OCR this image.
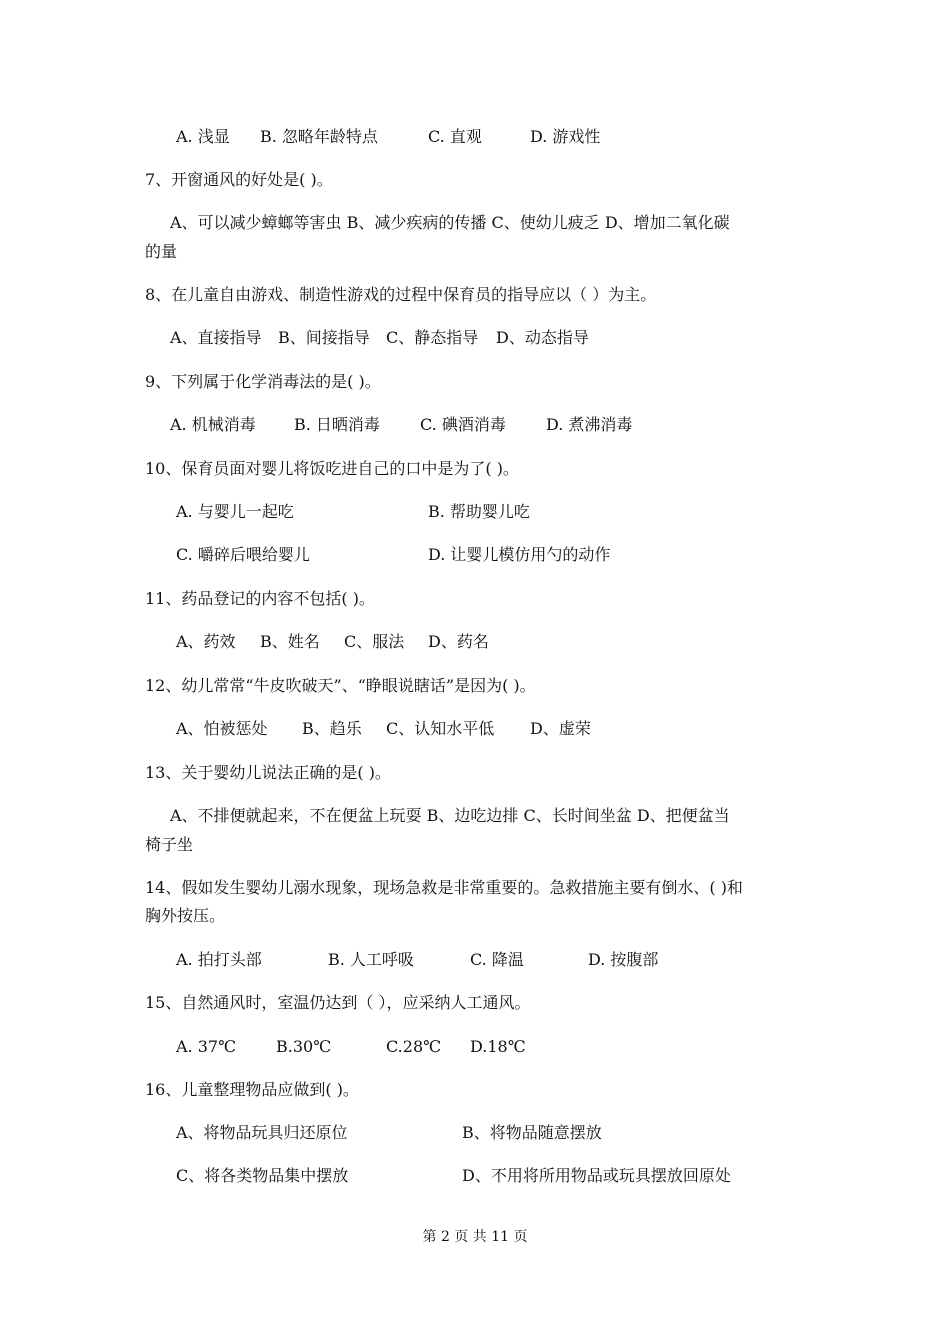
A. 浅显 B. 忽略年龄特点	C. 直观	D. 游戏性
7、开窗通风的好处是( )。
A、可以减少蟑螂等害虫 B、减少疾病的传播 C、使幼儿疲乏 D、增加二氧化碳
的量
8、在儿童自由游戏、制造性游戏的过程中保育员的指导应以（ ）为主。
A、直接指导 B、间接指导 C、静态指导 D、动态指导
9、下列属于化学消毒法的是( )。
A. 机械消毒 B. 日晒消毒	C. 碘酒消毒	D. 煮沸消毒
10、保育员面对婴儿将饭吃进自己的口中是为了( )。
A. 与婴儿一起吃	B. 帮助婴儿吃
C. 嚼碎后喂给婴儿	D. 让婴儿模仿用勺的动作
11、药品登记的内容不包括( )。
A、药效 B、姓名 C、服法 D、药名
12、幼儿常常“牛皮吹破天”、“睁眼说瞎话”是因为( )。
A、怕被惩处 B、趋乐 C、认知水平低 D、虚荣
13、关于婴幼儿说法正确的是( )。
A、不排便就起来，不在便盆上玩耍 B、边吃边排 C、长时间坐盆 D、把便盆当
椅子坐
14、假如发生婴幼儿溺水现象，现场急救是非常重要的。急救措施主要有倒水、( )和
胸外按压。
A. 拍打头部	B. 人工呼吸	C. 降温	D. 按腹部
15、自然通风时，室温仍达到（ ），应采纳人工通风。
A. 37℃	B.30℃	C.28℃ D.18℃
16、儿童整理物品应做到( )。
A、将物品玩具归还原位	B、将物品随意摆放
C、将各类物品集中摆放	D、不用将所用物品或玩具摆放回原处
第 2 页 共 11 页
